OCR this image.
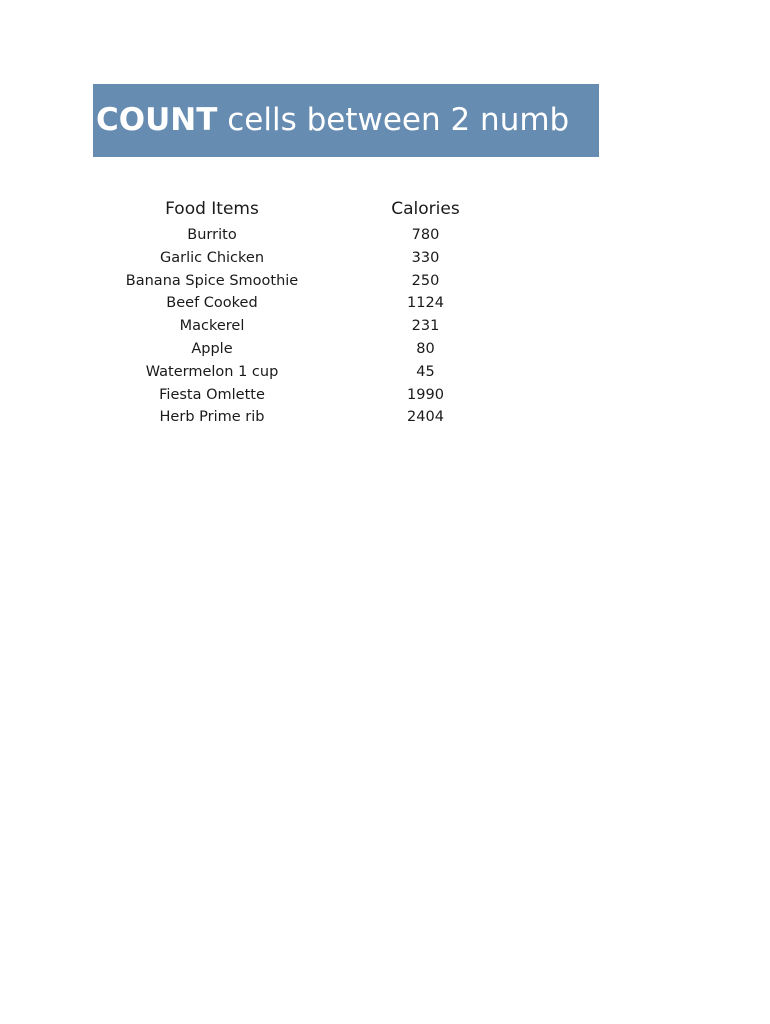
COUNT cells between 2 numb
Food Items	Calories
Burrito	780
Garlic Chicken	330
Banana Spice Smoothie	250
Beef Cooked	1124
Mackerel	231
Apple	80
Watermelon 1 cup	45
Fiesta Omlette	1990
Herb Prime rib	2404
